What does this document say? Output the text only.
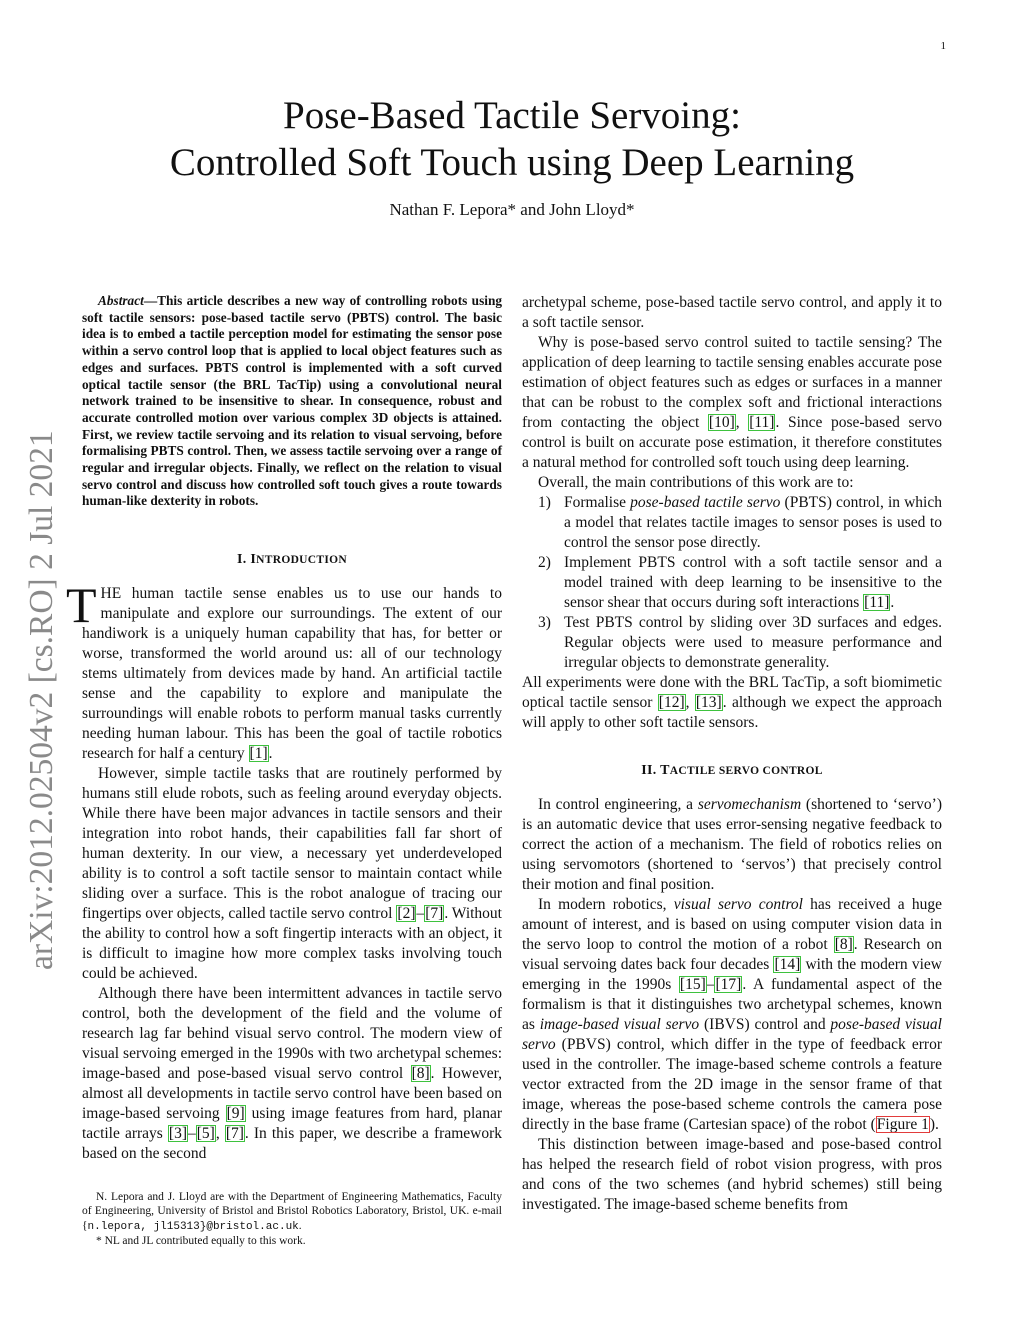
1
arXiv:2012.02504v2 [cs.RO] 2 Jul 2021
Pose-Based Tactile Servoing:
Controlled Soft Touch using Deep Learning
Nathan F. Lepora* and John Lloyd*

Abstract—This article describes a new way of controlling robots using soft tactile sensors: pose-based tactile servo (PBTS) control. The basic idea is to embed a tactile perception model for estimating the sensor pose within a servo control loop that is applied to local object features such as edges and surfaces. PBTS control is implemented with a soft curved optical tactile sensor (the BRL TacTip) using a convolutional neural network trained to be insensitive to shear. In consequence, robust and accurate controlled motion over various complex 3D objects is attained. First, we review tactile servoing and its relation to visual servoing, before formalising PBTS control. Then, we assess tactile servoing over a range of regular and irregular objects. Finally, we reflect on the relation to visual servo control and discuss how controlled soft touch gives a route towards human-like dexterity in robots.

I. INTRODUCTION

THE human tactile sense enables us to use our hands to manipulate and explore our surroundings. The extent of our handiwork is a uniquely human capability that has, for better or worse, transformed the world around us: all of our technology stems ultimately from devices made by hand. An artificial tactile sense and the capability to explore and manipulate the surroundings will enable robots to perform manual tasks currently needing human labour. This has been the goal of tactile robotics research for half a century [1].

However, simple tactile tasks that are routinely performed by humans still elude robots, such as feeling around everyday objects. While there have been major advances in tactile sensors and their integration into robot hands, their capabilities fall far short of human dexterity. In our view, a necessary yet underdeveloped ability is to control a soft tactile sensor to maintain contact while sliding over a surface. This is the robot analogue of tracing our fingertips over objects, called tactile servo control [2]–[7]. Without the ability to control how a soft fingertip interacts with an object, it is difficult to imagine how more complex tasks involving touch could be achieved.

Although there have been intermittent advances in tactile servo control, both the development of the field and the volume of research lag far behind visual servo control. The modern view of visual servoing emerged in the 1990s with two archetypal schemes: image-based and pose-based visual servo control [8]. However, almost all developments in tactile servo control have been based on image-based servoing [9] using image features from hard, planar tactile arrays [3]–[5], [7]. In this paper, we describe a framework based on the second

N. Lepora and J. Lloyd are with the Department of Engineering Mathematics, Faculty of Engineering, University of Bristol and Bristol Robotics Laboratory, Bristol, UK. e-mail {n.lepora, jl15313}@bristol.ac.uk.

* NL and JL contributed equally to this work.

archetypal scheme, pose-based tactile servo control, and apply it to a soft tactile sensor.

Why is pose-based servo control suited to tactile sensing? The application of deep learning to tactile sensing enables accurate pose estimation of object features such as edges or surfaces in a manner that can be robust to the complex soft and frictional interactions from contacting the object [10], [11]. Since pose-based servo control is built on accurate pose estimation, it therefore constitutes a natural method for controlled soft touch using deep learning.

Overall, the main contributions of this work are to:

1) Formalise pose-based tactile servo (PBTS) control, in which a model that relates tactile images to sensor poses is used to control the sensor pose directly.
2) Implement PBTS control with a soft tactile sensor and a model trained with deep learning to be insensitive to the sensor shear that occurs during soft interactions [11].
3) Test PBTS control by sliding over 3D surfaces and edges. Regular objects were used to measure performance and irregular objects to demonstrate generality.

All experiments were done with the BRL TacTip, a soft biomimetic optical tactile sensor [12], [13]. although we expect the approach will apply to other soft tactile sensors.

II. TACTILE SERVO CONTROL

In control engineering, a servomechanism (shortened to ‘servo’) is an automatic device that uses error-sensing negative feedback to correct the action of a mechanism. The field of robotics relies on using servomotors (shortened to ‘servos’) that precisely control their motion and final position.

In modern robotics, visual servo control has received a huge amount of interest, and is based on using computer vision data in the servo loop to control the motion of a robot [8]. Research on visual servoing dates back four decades [14] with the modern view emerging in the 1990s [15]–[17]. A fundamental aspect of the formalism is that it distinguishes two archetypal schemes, known as image-based visual servo (IBVS) control and pose-based visual servo (PBVS) control, which differ in the type of feedback error used in the controller. The image-based scheme controls a feature vector extracted from the 2D image in the sensor frame of that image, whereas the pose-based scheme controls the camera pose directly in the base frame (Cartesian space) of the robot (Figure 1).

This distinction between image-based and pose-based control has helped the research field of robot vision progress, with pros and cons of the two schemes (and hybrid schemes) still being investigated. The image-based scheme benefits from
